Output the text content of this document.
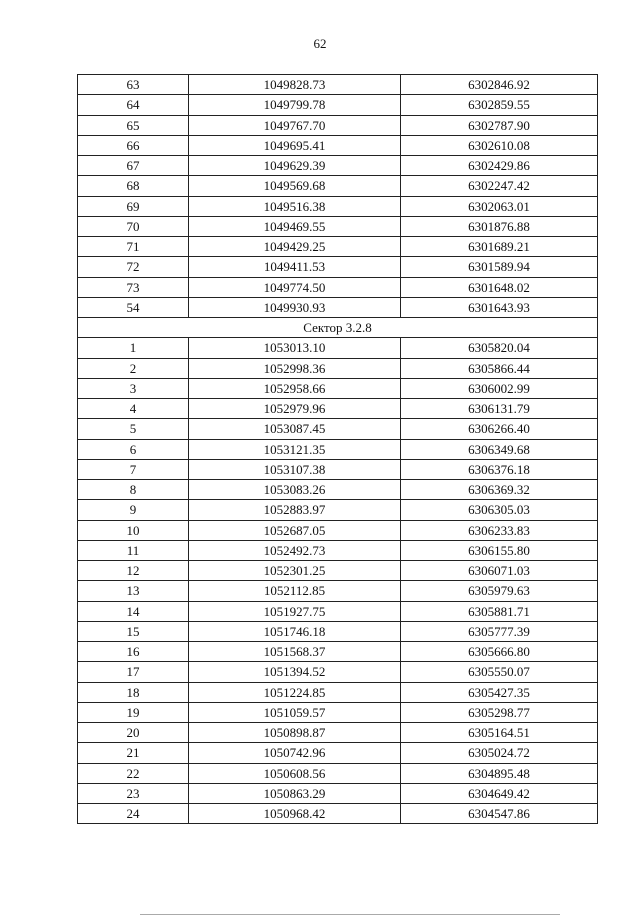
62
63	1049828.73	6302846.92
64	1049799.78	6302859.55
65	1049767.70	6302787.90
66	1049695.41	6302610.08
67	1049629.39	6302429.86
68	1049569.68	6302247.42
69	1049516.38	6302063.01
70	1049469.55	6301876.88
71	1049429.25	6301689.21
72	1049411.53	6301589.94
73	1049774.50	6301648.02
54	1049930.93	6301643.93
Сектор 3.2.8		
1	1053013.10	6305820.04
2	1052998.36	6305866.44
3	1052958.66	6306002.99
4	1052979.96	6306131.79
5	1053087.45	6306266.40
6	1053121.35	6306349.68
7	1053107.38	6306376.18
8	1053083.26	6306369.32
9	1052883.97	6306305.03
10	1052687.05	6306233.83
11	1052492.73	6306155.80
12	1052301.25	6306071.03
13	1052112.85	6305979.63
14	1051927.75	6305881.71
15	1051746.18	6305777.39
16	1051568.37	6305666.80
17	1051394.52	6305550.07
18	1051224.85	6305427.35
19	1051059.57	6305298.77
20	1050898.87	6305164.51
21	1050742.96	6305024.72
22	1050608.56	6304895.48
23	1050863.29	6304649.42
24	1050968.42	6304547.86
